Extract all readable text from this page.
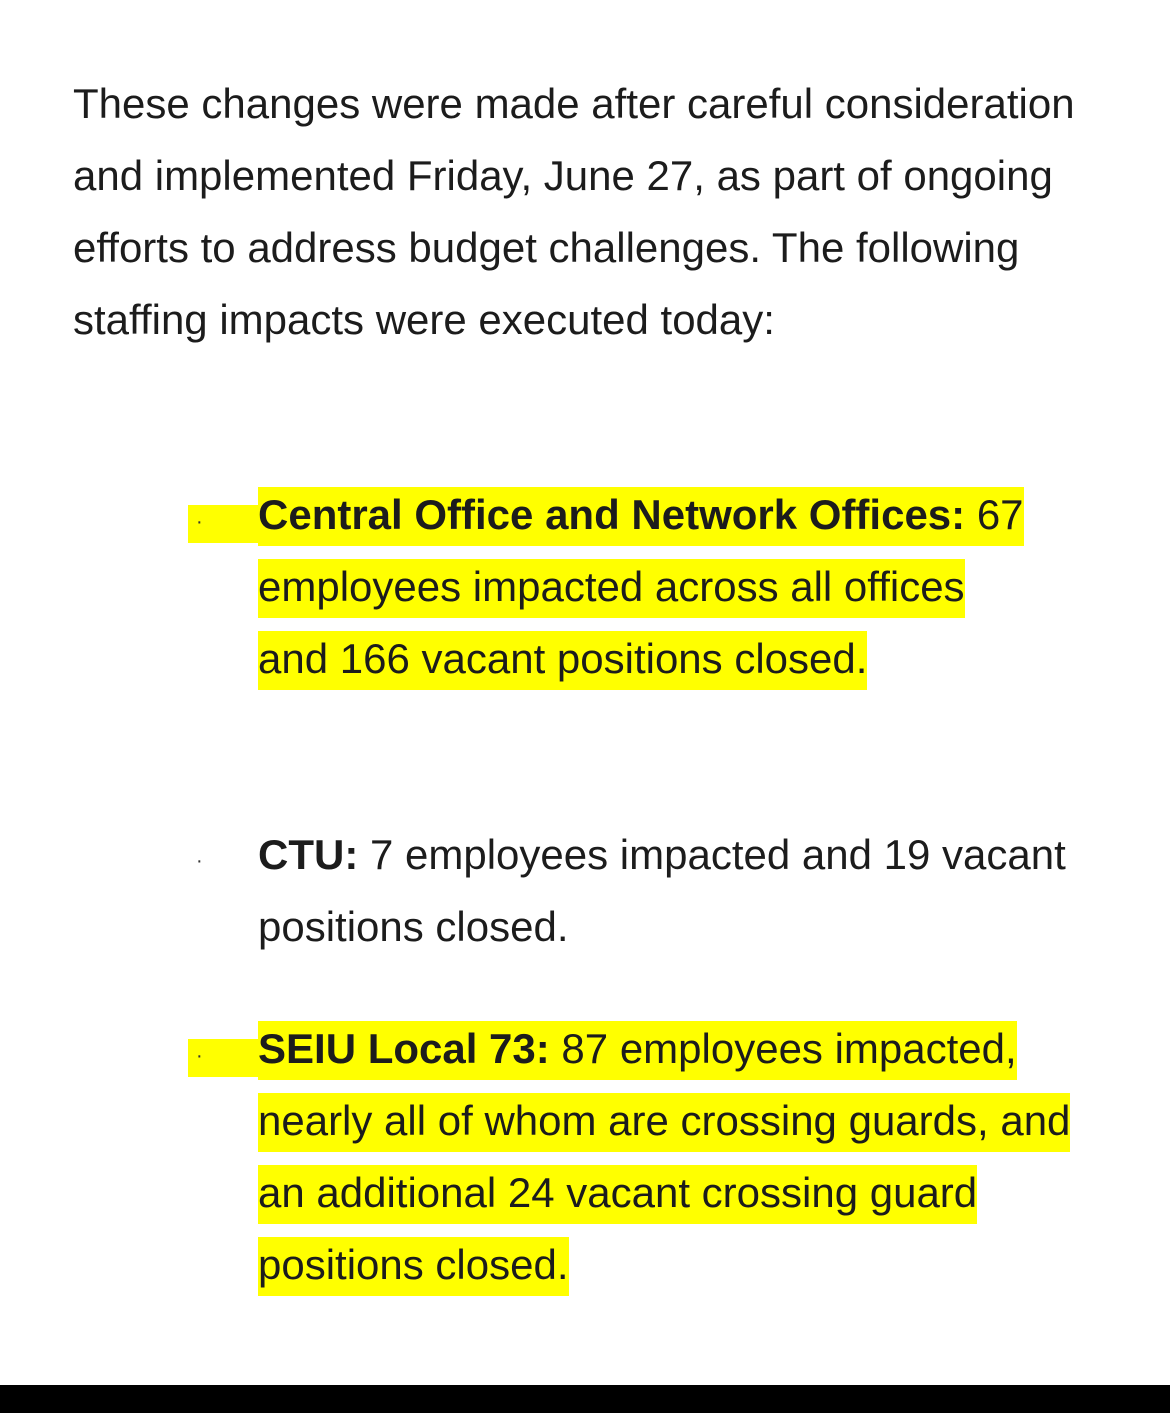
These changes were made after careful consideration and implemented Friday, June 27, as part of ongoing efforts to address budget challenges. The following staffing impacts were executed today:

· Central Office and Network Offices: 67 employees impacted across all offices and 166 vacant positions closed.

· CTU: 7 employees impacted and 19 vacant positions closed.

· SEIU Local 73: 87 employees impacted, nearly all of whom are crossing guards, and an additional 24 vacant crossing guard positions closed.
